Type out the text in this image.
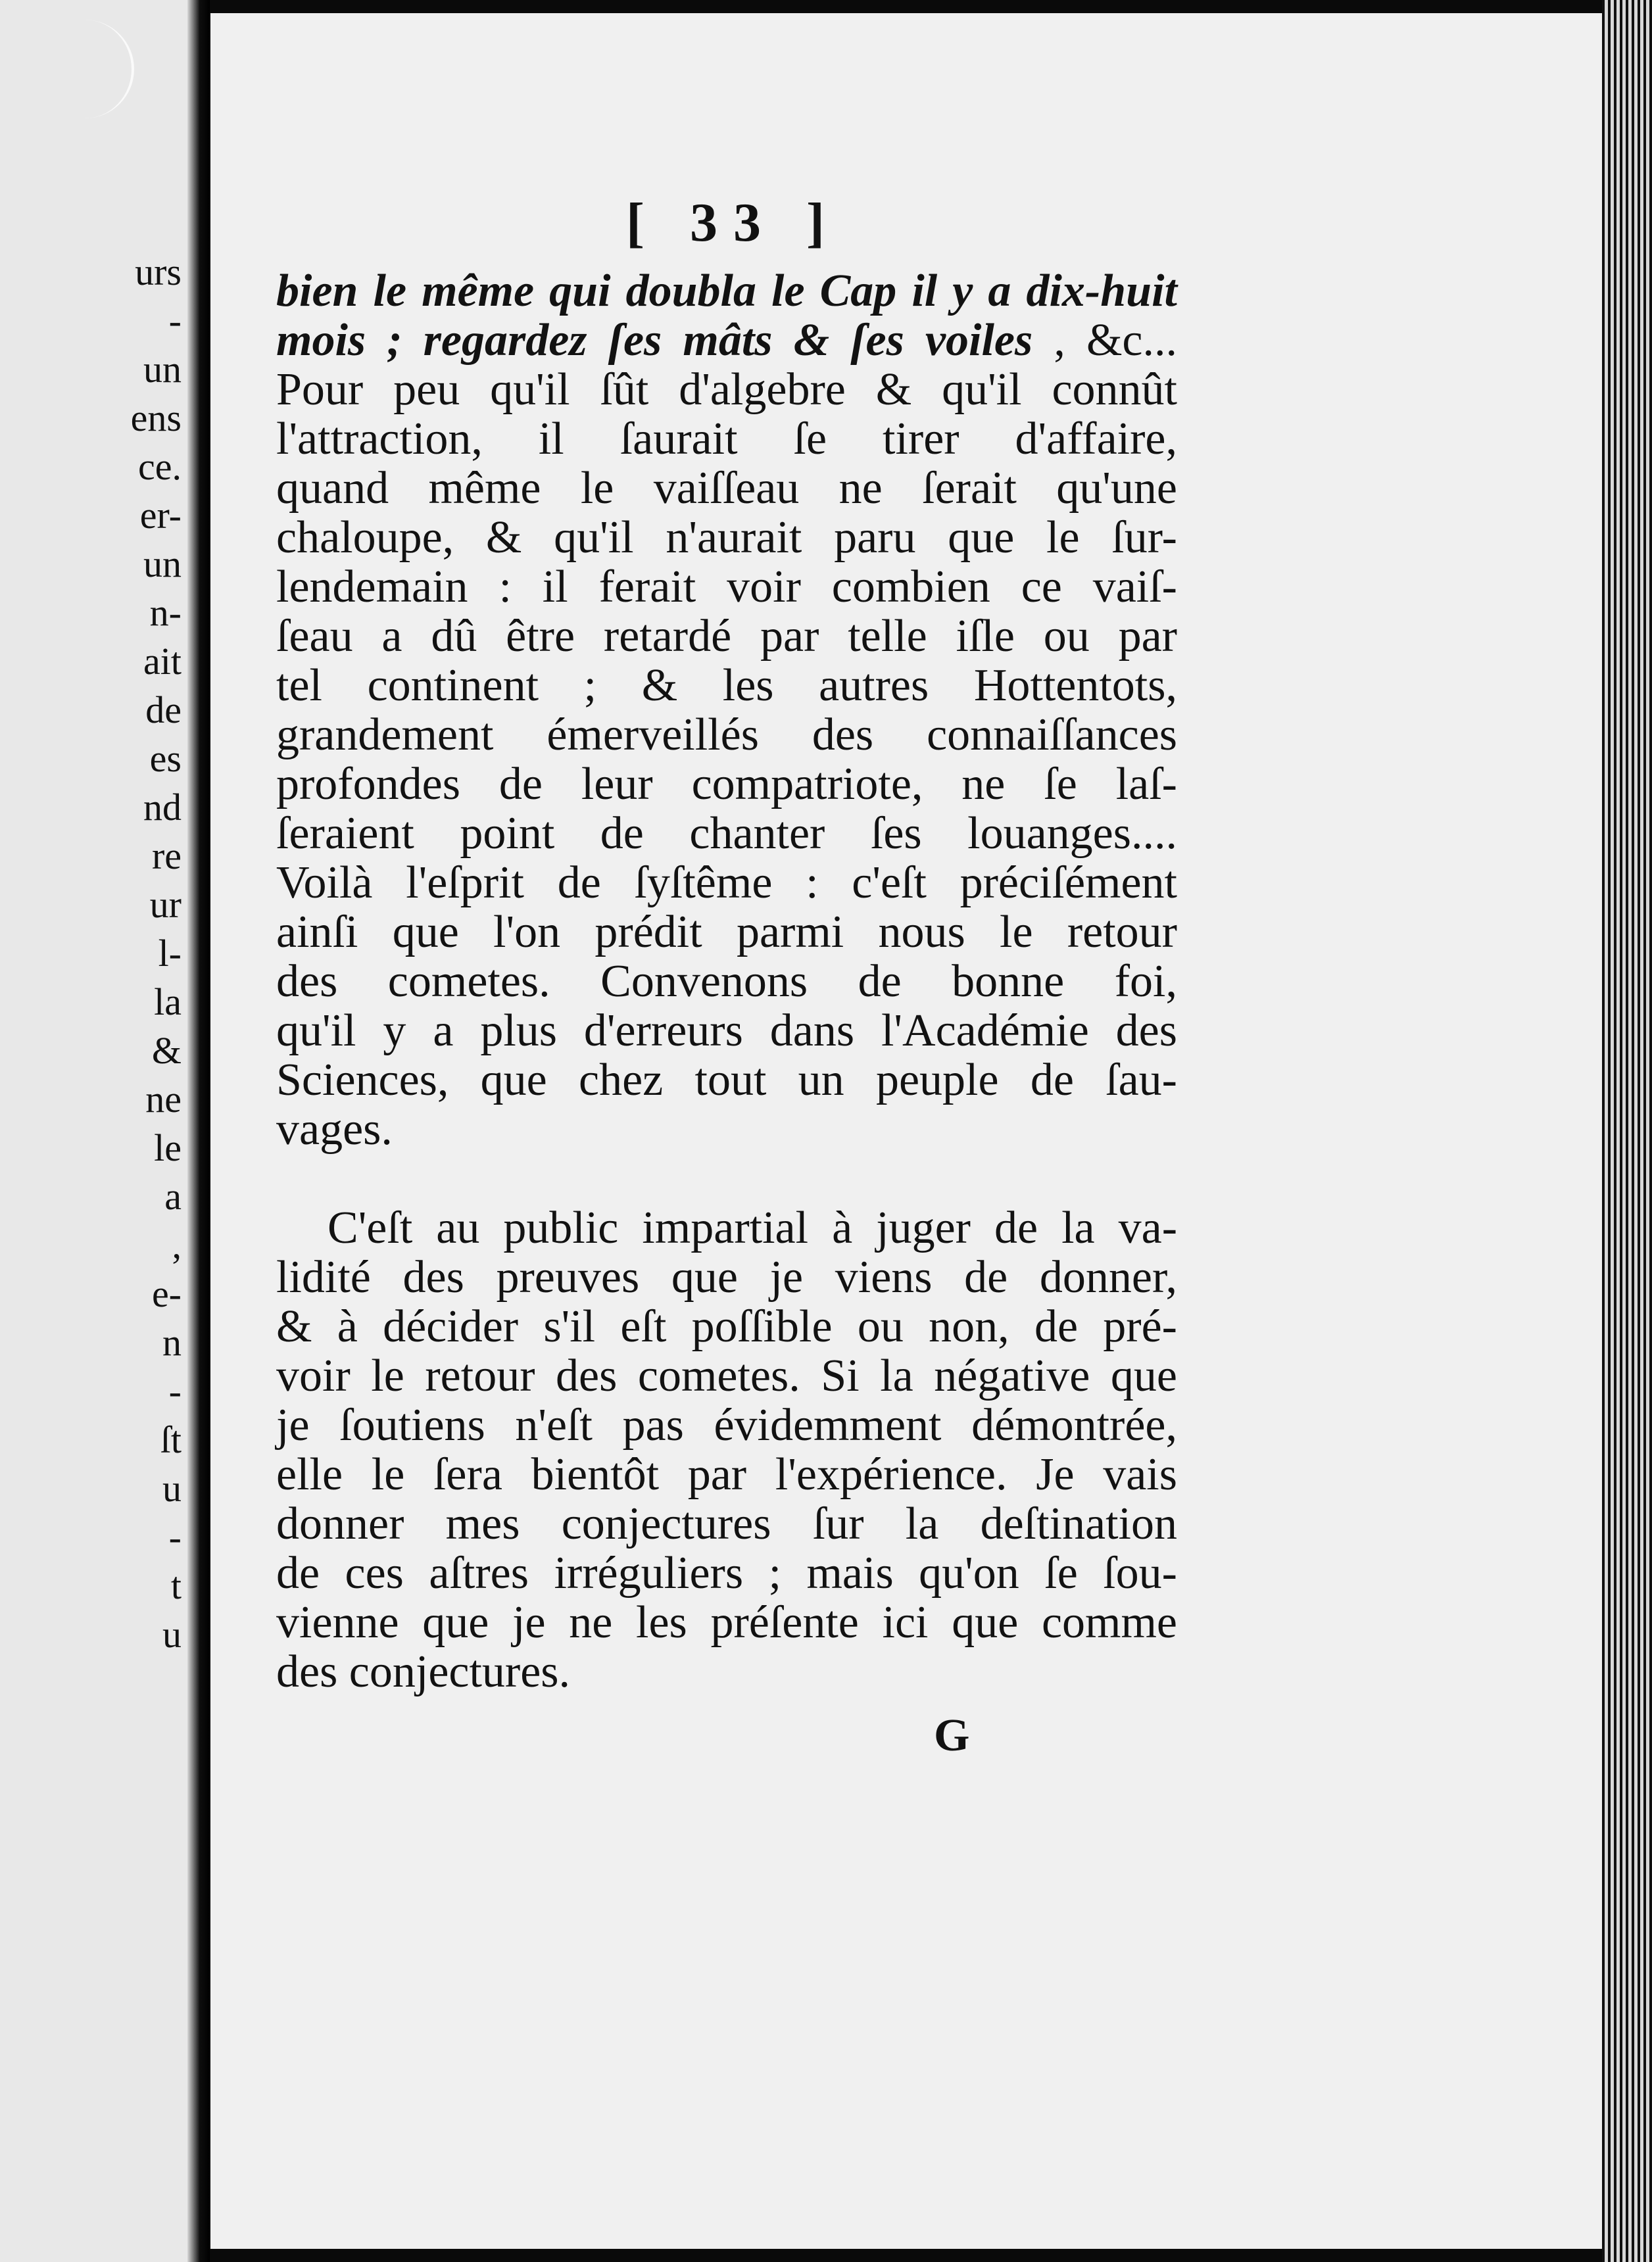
urs
-
un
ens
ce.
er-
un
n-
ait
de
es
nd
re
ur
l-
la
&
ne
le
a
,
e-
n
-
ſt
u
-
t
u
[ 33 ]

bien le même qui doubla le Cap il y a dix-huit
mois ; regardez ſes mâts & ſes voiles , &c...
Pour peu qu'il ſût d'algebre & qu'il connût
l'attraction, il ſaurait ſe tirer d'affaire,
quand même le vaiſſeau ne ſerait qu'une
chaloupe, & qu'il n'aurait paru que le ſur-
lendemain : il ferait voir combien ce vaiſ-
ſeau a dû être retardé par telle iſle ou par
tel continent ; & les autres Hottentots,
grandement émerveillés des connaiſſances
profondes de leur compatriote, ne ſe laſ-
ſeraient point de chanter ſes louanges....
Voilà l'eſprit de ſyſtême : c'eſt préciſément
ainſi que l'on prédit parmi nous le retour
des cometes. Convenons de bonne foi,
qu'il y a plus d'erreurs dans l'Académie des
Sciences, que chez tout un peuple de ſau-
vages.

C'eſt au public impartial à juger de la va-
lidité des preuves que je viens de donner,
& à décider s'il eſt poſſible ou non, de pré-
voir le retour des cometes. Si la négative que
je ſoutiens n'eſt pas évidemment démontrée,
elle le ſera bientôt par l'expérience. Je vais
donner mes conjectures ſur la deſtination
de ces aſtres irréguliers ; mais qu'on ſe ſou-
vienne que je ne les préſente ici que comme
des conjectures.

G
